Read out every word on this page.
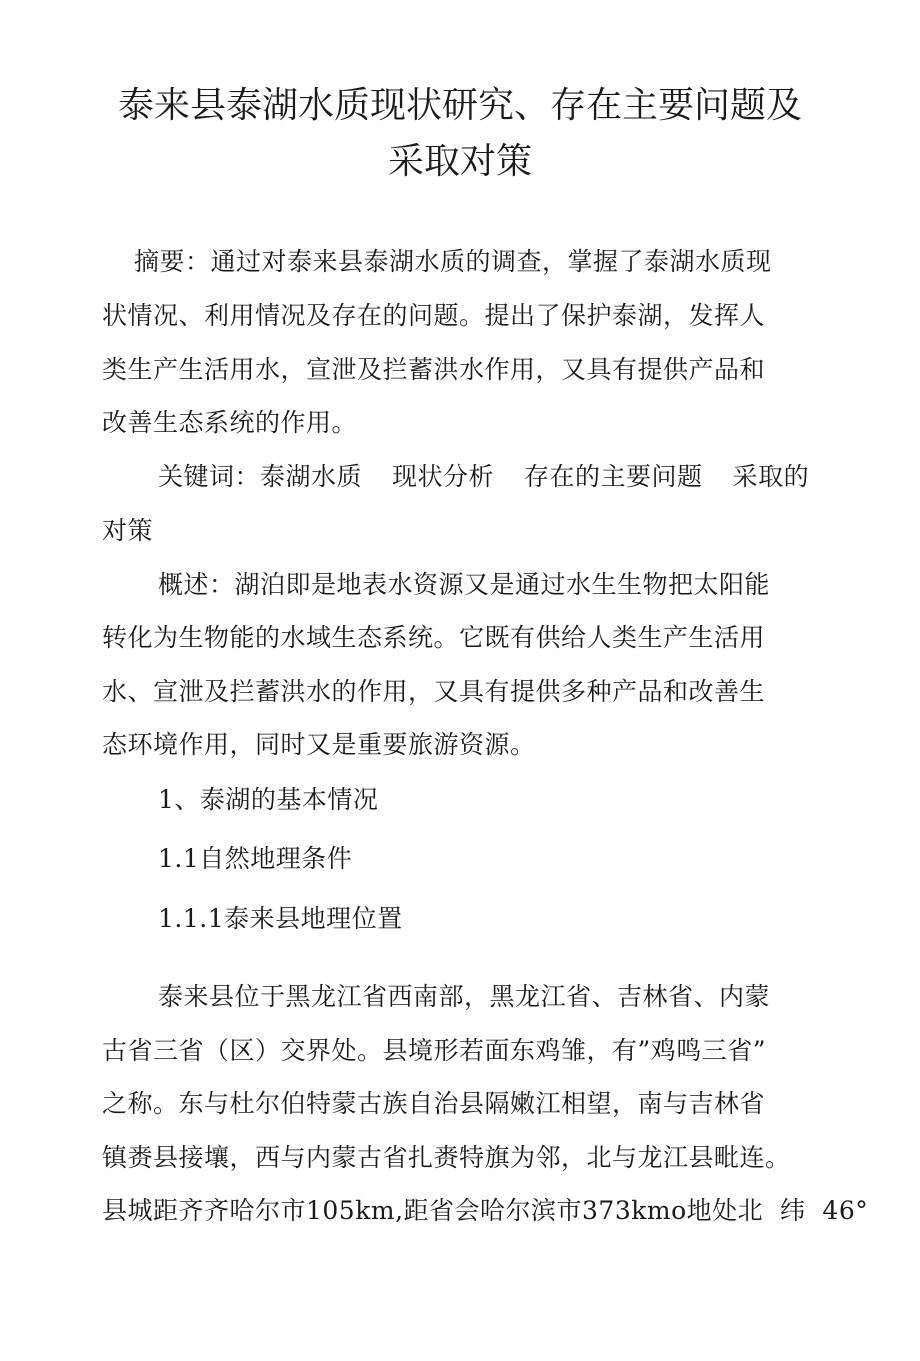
泰来县泰湖水质现状研究、存在主要问题及
采取对策
摘要：通过对泰来县泰湖水质的调查，掌握了泰湖水质现
状情况、利用情况及存在的问题。提出了保护泰湖，发挥人
类生产生活用水，宣泄及拦蓄洪水作用，又具有提供产品和
改善生态系统的作用。
关键词：泰湖水质 现状分析 存在的主要问题 采取的
对策
概述：湖泊即是地表水资源又是通过水生生物把太阳能
转化为生物能的水域生态系统。它既有供给人类生产生活用
水、宣泄及拦蓄洪水的作用，又具有提供多种产品和改善生
态环境作用，同时又是重要旅游资源。
1、泰湖的基本情况
1.1自然地理条件
1.1.1泰来县地理位置
泰来县位于黑龙江省西南部，黑龙江省、吉林省、内蒙
古省三省（区）交界处。县境形若面东鸡雏，有”鸡鸣三省”
之称。东与杜尔伯特蒙古族自治县隔嫩江相望，南与吉林省
镇赉县接壤，西与内蒙古省扎赉特旗为邻，北与龙江县毗连。
县城距齐齐哈尔市105km,距省会哈尔滨市373kmo地处北  纬  46°
